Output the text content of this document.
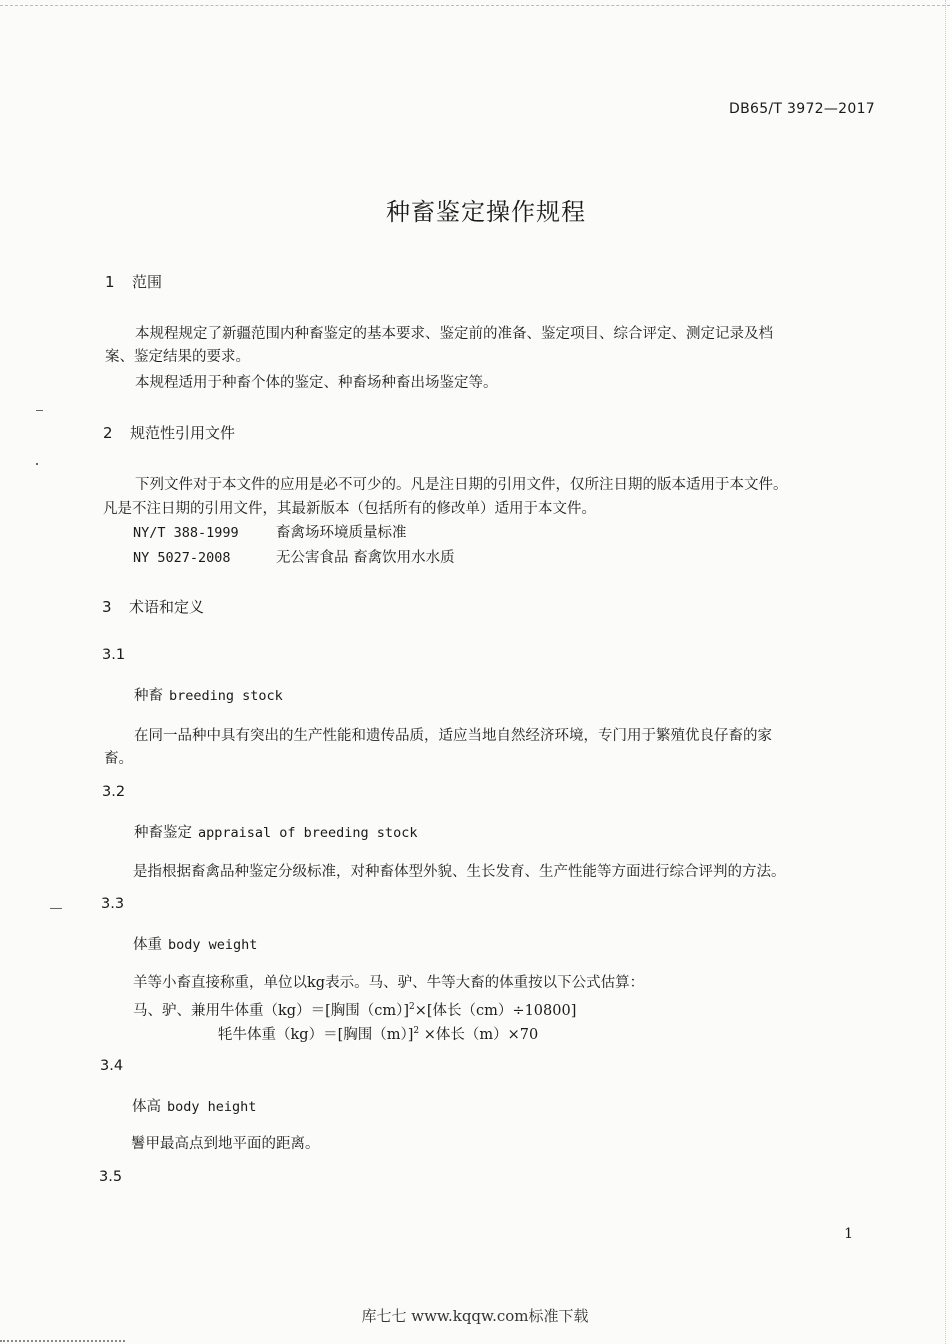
DB65/T 3972—2017
种畜鉴定操作规程
1 范围
本规程规定了新疆范围内种畜鉴定的基本要求、鉴定前的准备、鉴定项目、综合评定、测定记录及档
案、鉴定结果的要求。
本规程适用于种畜个体的鉴定、种畜场种畜出场鉴定等。
2 规范性引用文件
下列文件对于本文件的应用是必不可少的。凡是注日期的引用文件，仅所注日期的版本适用于本文件。
凡是不注日期的引用文件，其最新版本（包括所有的修改单）适用于本文件。
NY/T 388-1999	畜禽场环境质量标准
NY 5027-2008	无公害食品 畜禽饮用水水质
3 术语和定义
3.1
种畜 breeding stock
在同一品种中具有突出的生产性能和遗传品质，适应当地自然经济环境，专门用于繁殖优良仔畜的家
畜。
3.2
种畜鉴定 appraisal of breeding stock
是指根据畜禽品种鉴定分级标准，对种畜体型外貌、生长发育、生产性能等方面进行综合评判的方法。
3.3
体重 body weight
羊等小畜直接称重，单位以kg表示。马、驴、牛等大畜的体重按以下公式估算：
马、驴、兼用牛体重（kg）＝[胸围（cm）]$^2$×[体长（cm）÷10800]
牦牛体重（kg）＝[胸围（m）]$^2$ ×体长（m）×70
3.4
体高 body height
鬐甲最高点到地平面的距离。
3.5
1
库七七 www.kqqw.com标准下载
